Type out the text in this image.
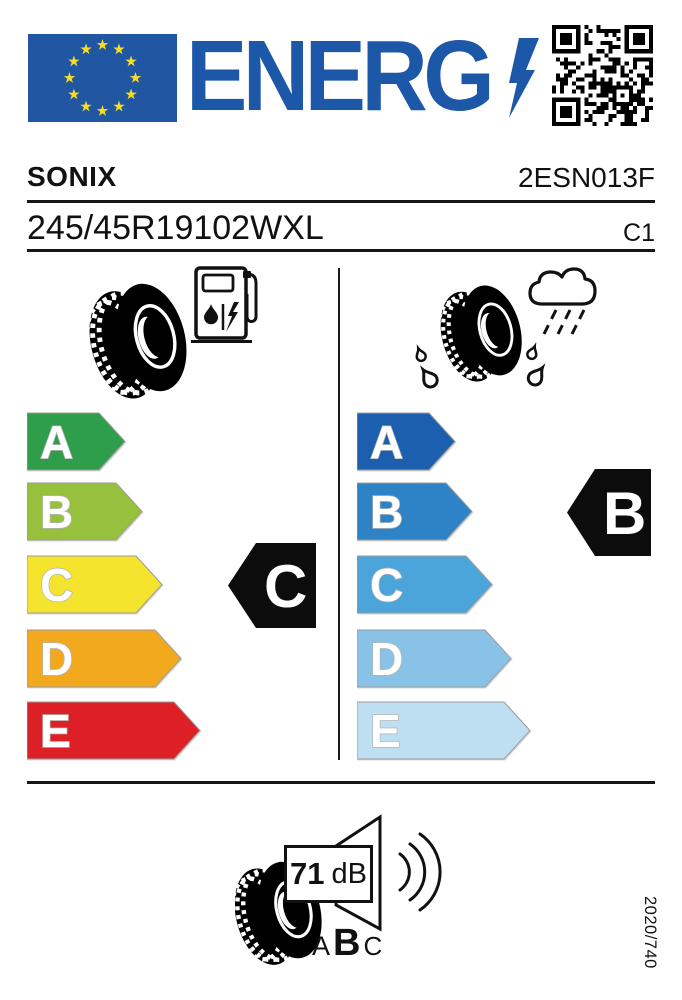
ENERG
SONIX	2ESN013F
245/45R19102WXL	C1
A
B
C
D
E
A
B
C
D
E
C
B
71 dB
A B C	2020/740
